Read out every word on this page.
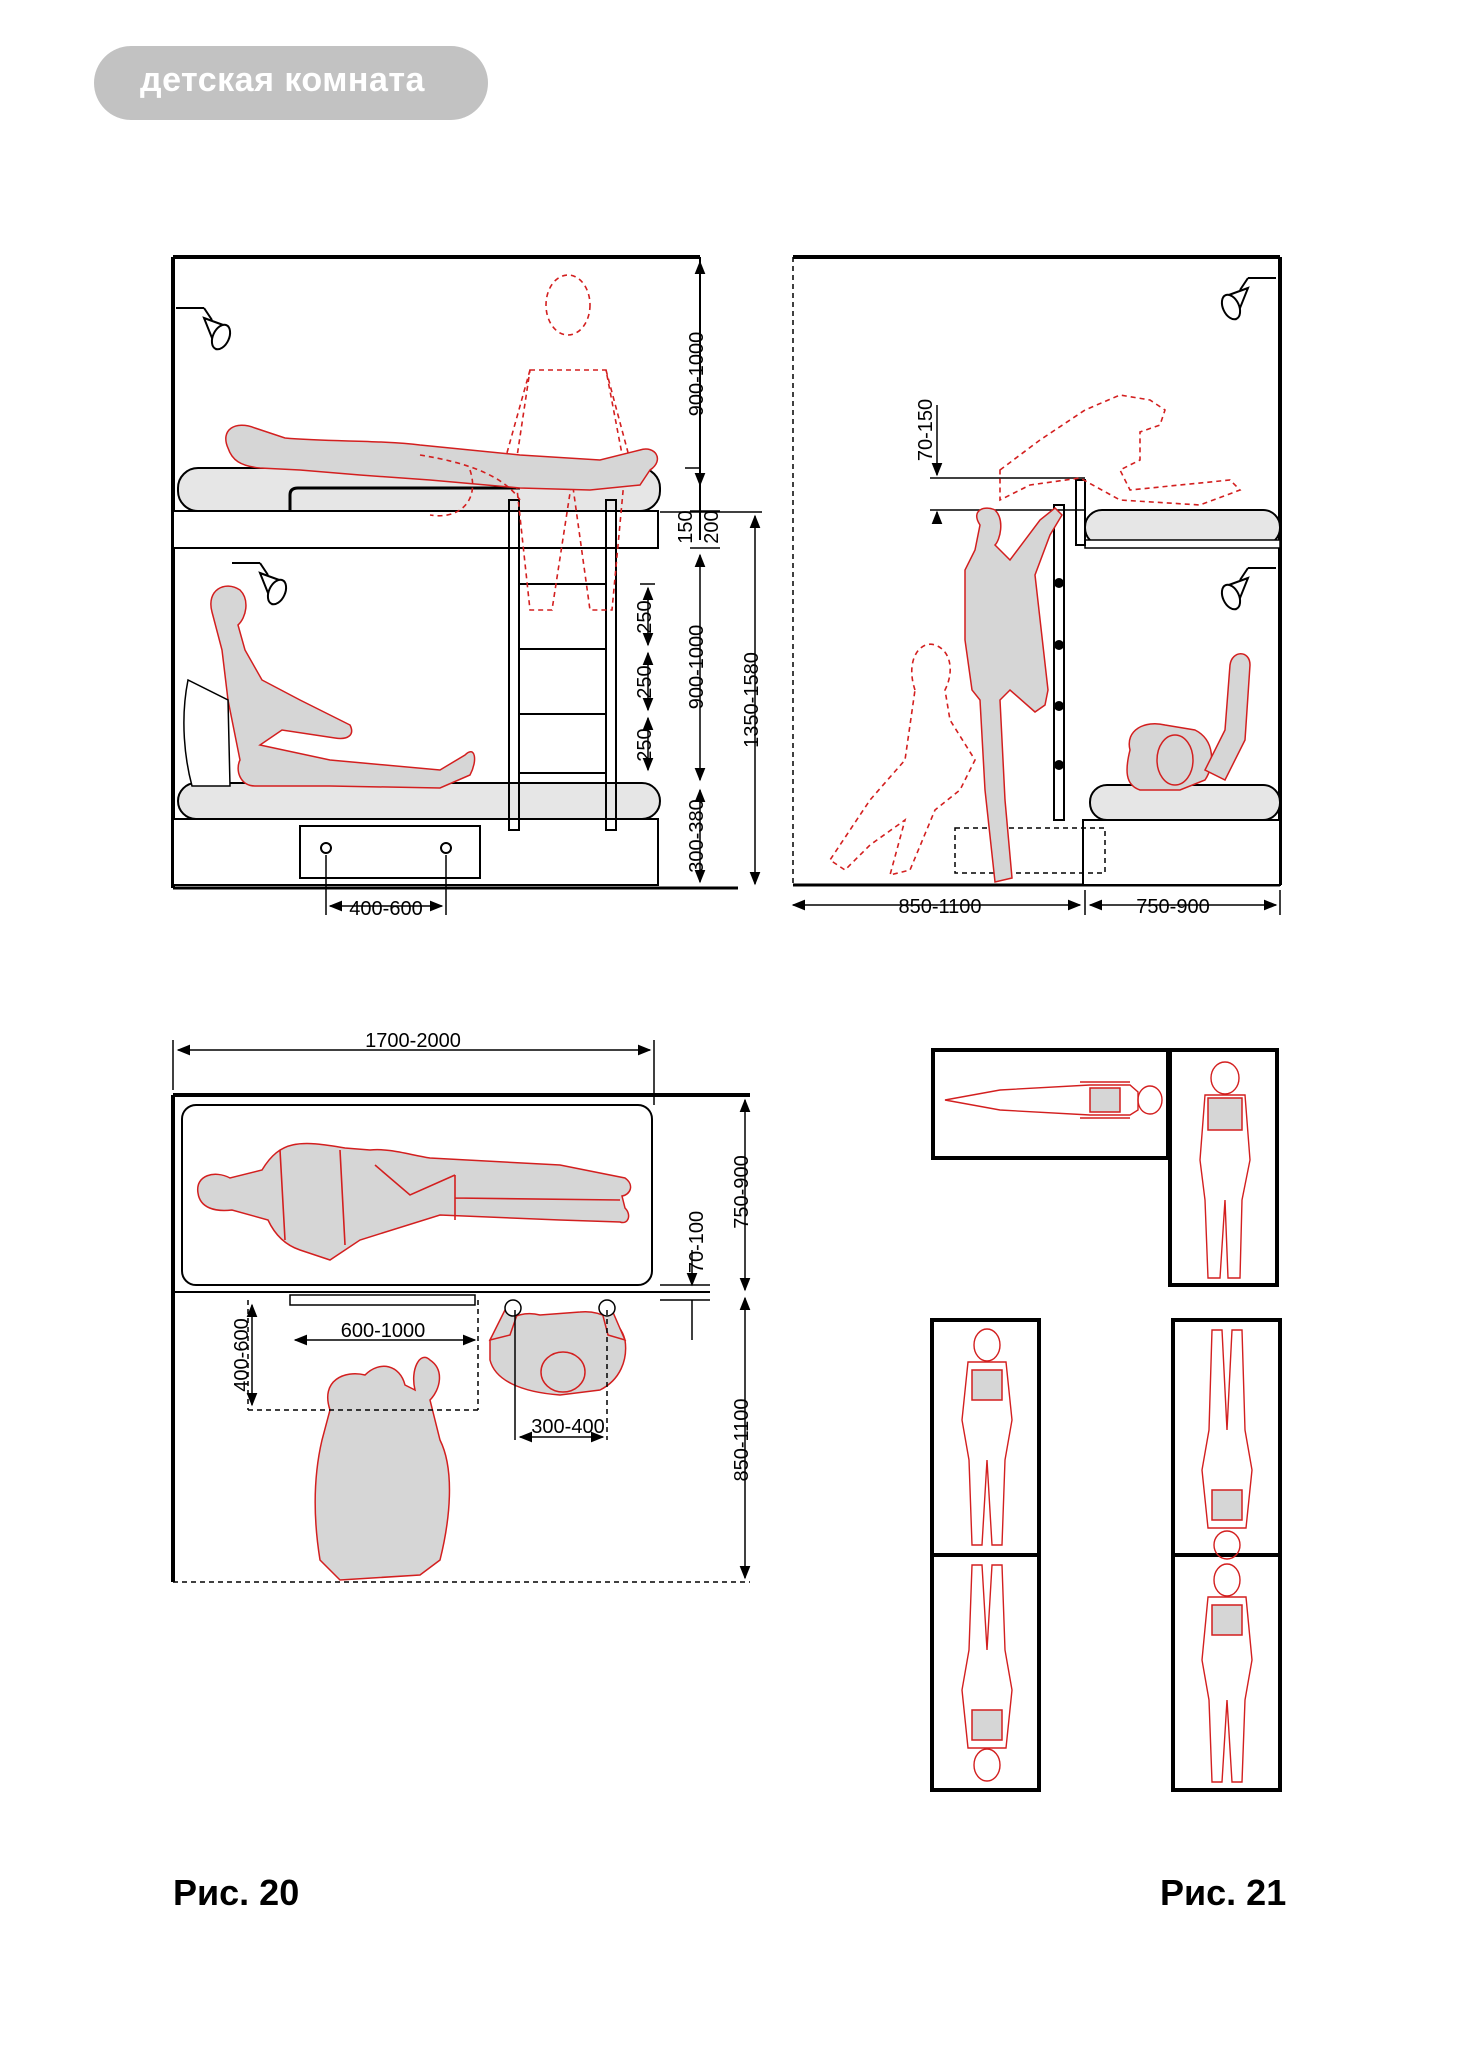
детская комната
Рис. 20	Рис. 21
900-1000
150 200
900-1000 1350-1580
300-380
250
250
250
400-600
70-150
850-1100	750-900
1700-2000
400-600	600-1000
300-400
70-100
750-900
850-1100
